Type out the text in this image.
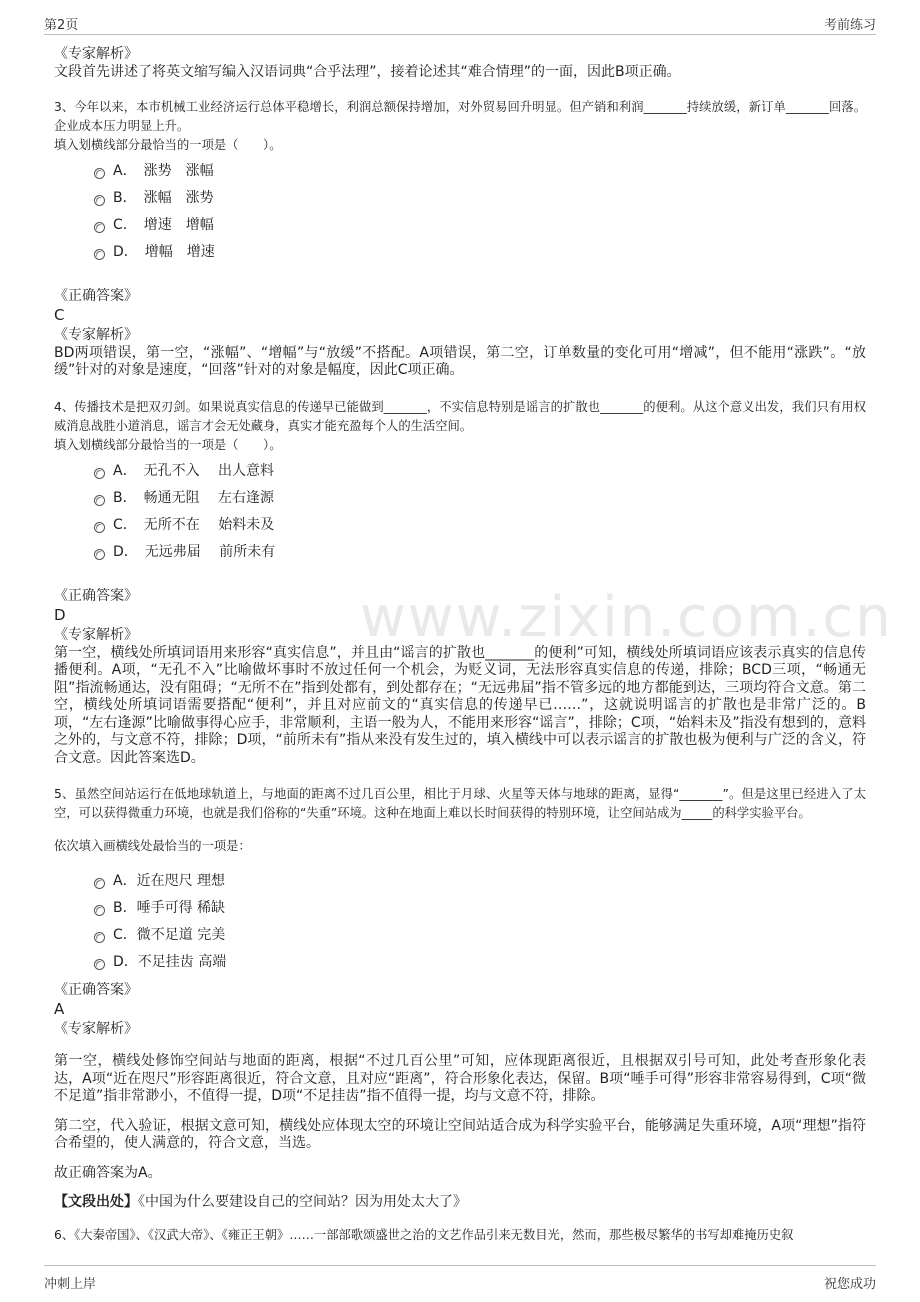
第2页	考前练习
www.zixin.com.cn

《专家解析》

文段首先讲述了将英文缩写编入汉语词典“合乎法理”，接着论述其“难合情理”的一面，因此B项正确。

3、今年以来，本市机械工业经济运行总体平稳增长，利润总额保持增加，对外贸易回升明显。但产销和利润_______持续放缓，新订单_______回落。企业成本压力明显上升。

填入划横线部分最恰当的一项是（　　）。

A．　涨势　涨幅
B．　涨幅　涨势
C．　增速　增幅
D．　增幅　增速

《正确答案》

C

《专家解析》

BD两项错误，第一空，“涨幅”、“增幅”与“放缓”不搭配。A项错误，第二空，订单数量的变化可用“增减”，但不能用“涨跌”。“放缓”针对的对象是速度，“回落”针对的对象是幅度，因此C项正确。

4、传播技术是把双刃剑。如果说真实信息的传递早已能做到_______，不实信息特别是谣言的扩散也_______的便利。从这个意义出发，我们只有用权威消息战胜小道消息，谣言才会无处藏身，真实才能充盈每个人的生活空间。

填入划横线部分最恰当的一项是（　　）。

A．　无孔不入　 出人意料
B．　畅通无阻　 左右逢源
C．　无所不在　 始料未及
D．　无远弗届　 前所未有

《正确答案》

D

《专家解析》

第一空，横线处所填词语用来形容“真实信息”，并且由“谣言的扩散也_______的便利”可知，横线处所填词语应该表示真实的信息传播便利。A项，“无孔不入”比喻做坏事时不放过任何一个机会，为贬义词，无法形容真实信息的传递，排除；BCD三项，“畅通无阻”指流畅通达，没有阻碍；“无所不在”指到处都有，到处都存在；“无远弗届”指不管多远的地方都能到达，三项均符合文意。第二空，横线处所填词语需要搭配“便利”，并且对应前文的“真实信息的传递早已……”，这就说明谣言的扩散也是非常广泛的。B项，“左右逢源”比喻做事得心应手，非常顺利，主语一般为人，不能用来形容“谣言”，排除；C项，“始料未及”指没有想到的，意料之外的，与文意不符，排除；D项，“前所未有”指从来没有发生过的，填入横线中可以表示谣言的扩散也极为便利与广泛的含义，符合文意。因此答案选D。

5、虽然空间站运行在低地球轨道上，与地面的距离不过几百公里，相比于月球、火星等天体与地球的距离，显得“_______”。但是这里已经进入了太空，可以获得微重力环境，也就是我们俗称的“失重”环境。这种在地面上难以长时间获得的特别环境，让空间站成为_____的科学实验平台。

依次填入画横线处最恰当的一项是：

A．近在咫尺 理想
B．唾手可得 稀缺
C．微不足道 完美
D．不足挂齿 高端

《正确答案》

A

《专家解析》

第一空，横线处修饰空间站与地面的距离，根据“不过几百公里”可知，应体现距离很近，且根据双引号可知，此处考查形象化表达，A项“近在咫尺”形容距离很近，符合文意，且对应“距离”，符合形象化表达，保留。B项“唾手可得”形容非常容易得到，C项“微不足道”指非常渺小，不值得一提，D项“不足挂齿”指不值得一提，均与文意不符，排除。

第二空，代入验证，根据文意可知，横线处应体现太空的环境让空间站适合成为科学实验平台，能够满足失重环境，A项“理想”指符合希望的，使人满意的，符合文意，当选。

故正确答案为A。

【文段出处】《中国为什么要建设自己的空间站？因为用处太大了》

6、《大秦帝国》、《汉武大帝》、《雍正王朝》……一部部歌颂盛世之治的文艺作品引来无数目光，然而，那些极尽繁华的书写却难掩历史叙

冲刺上岸	祝您成功
